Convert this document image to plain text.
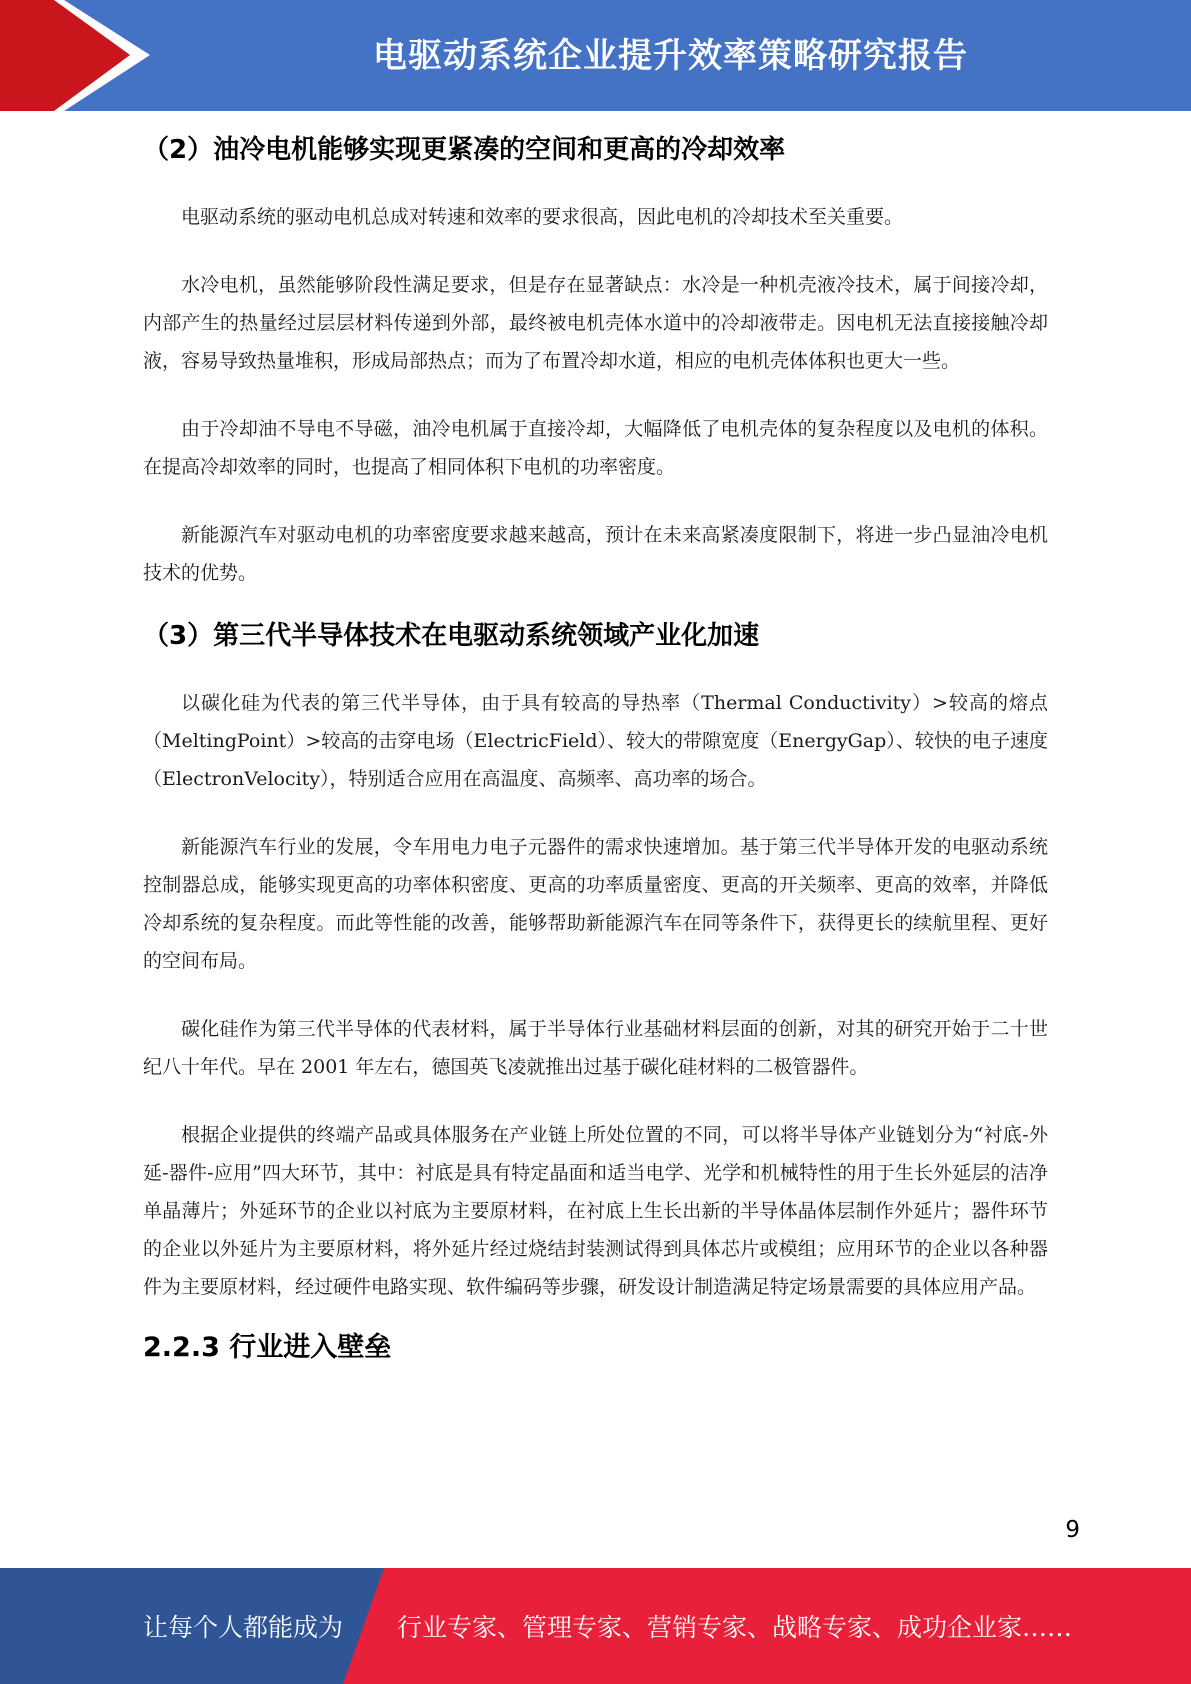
电驱动系统企业提升效率策略研究报告
（2）油冷电机能够实现更紧凑的空间和更高的冷却效率

电驱动系统的驱动电机总成对转速和效率的要求很高，因此电机的冷却技术至关重要。

水冷电机，虽然能够阶段性满足要求，但是存在显著缺点：水冷是一种机壳液冷技术，属于间接冷却，内部产生的热量经过层层材料传递到外部，最终被电机壳体水道中的冷却液带走。因电机无法直接接触冷却液，容易导致热量堆积，形成局部热点；而为了布置冷却水道，相应的电机壳体体积也更大一些。

由于冷却油不导电不导磁，油冷电机属于直接冷却，大幅降低了电机壳体的复杂程度以及电机的体积。在提高冷却效率的同时，也提高了相同体积下电机的功率密度。

新能源汽车对驱动电机的功率密度要求越来越高，预计在未来高紧凑度限制下，将进一步凸显油冷电机技术的优势。

（3）第三代半导体技术在电驱动系统领域产业化加速

以碳化硅为代表的第三代半导体，由于具有较高的导热率（Thermal Conductivity）>较高的熔点（MeltingPoint）>较高的击穿电场（ElectricField）、较大的带隙宽度（EnergyGap）、较快的电子速度（ElectronVelocity），特别适合应用在高温度、高频率、高功率的场合。

新能源汽车行业的发展，令车用电力电子元器件的需求快速增加。基于第三代半导体开发的电驱动系统控制器总成，能够实现更高的功率体积密度、更高的功率质量密度、更高的开关频率、更高的效率，并降低冷却系统的复杂程度。而此等性能的改善，能够帮助新能源汽车在同等条件下，获得更长的续航里程、更好的空间布局。

碳化硅作为第三代半导体的代表材料，属于半导体行业基础材料层面的创新，对其的研究开始于二十世纪八十年代。早在 2001 年左右，德国英飞凌就推出过基于碳化硅材料的二极管器件。

根据企业提供的终端产品或具体服务在产业链上所处位置的不同，可以将半导体产业链划分为“衬底-外延-器件-应用”四大环节，其中：衬底是具有特定晶面和适当电学、光学和机械特性的用于生长外延层的洁净单晶薄片；外延环节的企业以衬底为主要原材料，在衬底上生长出新的半导体晶体层制作外延片；器件环节的企业以外延片为主要原材料，将外延片经过烧结封装测试得到具体芯片或模组；应用环节的企业以各种器件为主要原材料，经过硬件电路实现、软件编码等步骤，研发设计制造满足特定场景需要的具体应用产品。

2.2.3 行业进入壁垒
9
让每个人都能成为 行业专家、管理专家、营销专家、战略专家、成功企业家……
